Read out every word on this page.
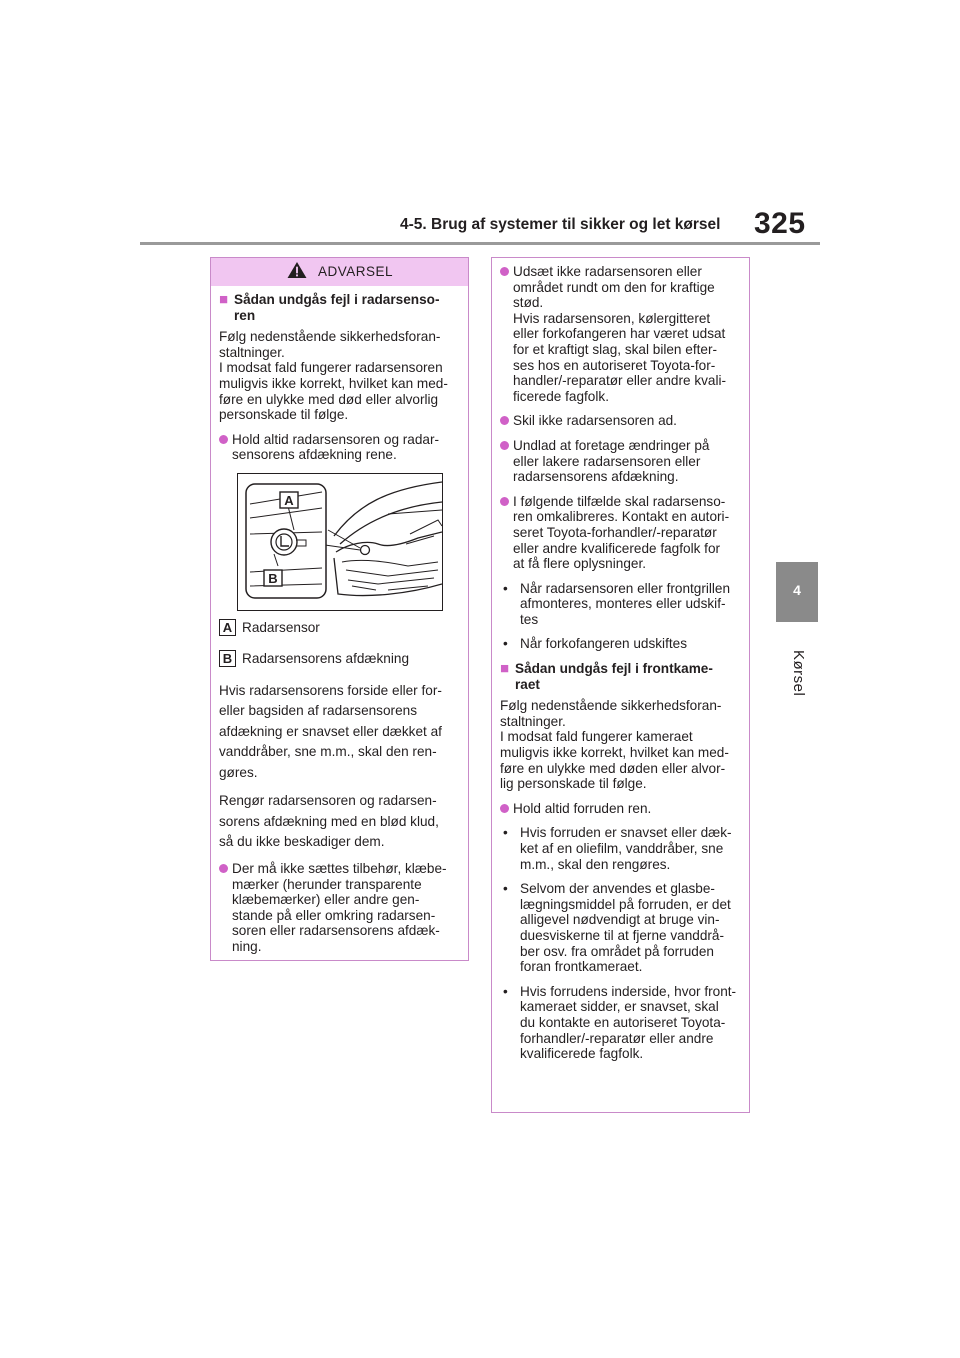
4-5. Brug af systemer til sikker og let kørsel 325
4
Kørsel
ADVARSEL
■ Sådan undgås fejl i radarsenso-
ren

Følg nedenstående sikkerhedsforan-
staltninger.
I modsat fald fungerer radarsensoren
muligvis ikke korrekt, hvilket kan med-
føre en ulykke med død eller alvorlig
personskade til følge.

Hold altid radarsensoren og radar-
sensorens afdækning rene.
A
B
A Radarsensor
B Radarsensorens afdækning

Hvis radarsensorens forside eller for-
eller bagsiden af radarsensorens
afdækning er snavset eller dækket af
vanddråber, sne m.m., skal den ren-
gøres.

Rengør radarsensoren og radarsen-
sorens afdækning med en blød klud,
så du ikke beskadiger dem.

Der må ikke sættes tilbehør, klæbe-
mærker (herunder transparente
klæbemærker) eller andre gen-
stande på eller omkring radarsen-
soren eller radarsensorens afdæk-
ning.
Udsæt ikke radarsensoren eller
området rundt om den for kraftige
stød.
Hvis radarsensoren, kølergitteret
eller forkofangeren har været udsat
for et kraftigt slag, skal bilen efter-
ses hos en autoriseret Toyota-for-
handler/-reparatør eller andre kvali-
ficerede fagfolk.
Skil ikke radarsensoren ad.
Undlad at foretage ændringer på
eller lakere radarsensoren eller
radarsensorens afdækning.
I følgende tilfælde skal radarsenso-
ren omkalibreres. Kontakt en autori-
seret Toyota-forhandler/-reparatør
eller andre kvalificerede fagfolk for
at få flere oplysninger.
• Når radarsensoren eller frontgrillen
afmonteres, monteres eller udskif-
tes
• Når forkofangeren udskiftes
■ Sådan undgås fejl i frontkame-
raet

Følg nedenstående sikkerhedsforan-
staltninger.
I modsat fald fungerer kameraet
muligvis ikke korrekt, hvilket kan med-
føre en ulykke med døden eller alvor-
lig personskade til følge.

Hold altid forruden ren.
• Hvis forruden er snavset eller dæk-
ket af en oliefilm, vanddråber, sne
m.m., skal den rengøres.
• Selvom der anvendes et glasbe-
lægningsmiddel på forruden, er det
alligevel nødvendigt at bruge vin-
duesviskerne til at fjerne vanddrå-
ber osv. fra området på forruden
foran frontkameraet.
• Hvis forrudens inderside, hvor front-
kameraet sidder, er snavset, skal
du kontakte en autoriseret Toyota-
forhandler/-reparatør eller andre
kvalificerede fagfolk.
